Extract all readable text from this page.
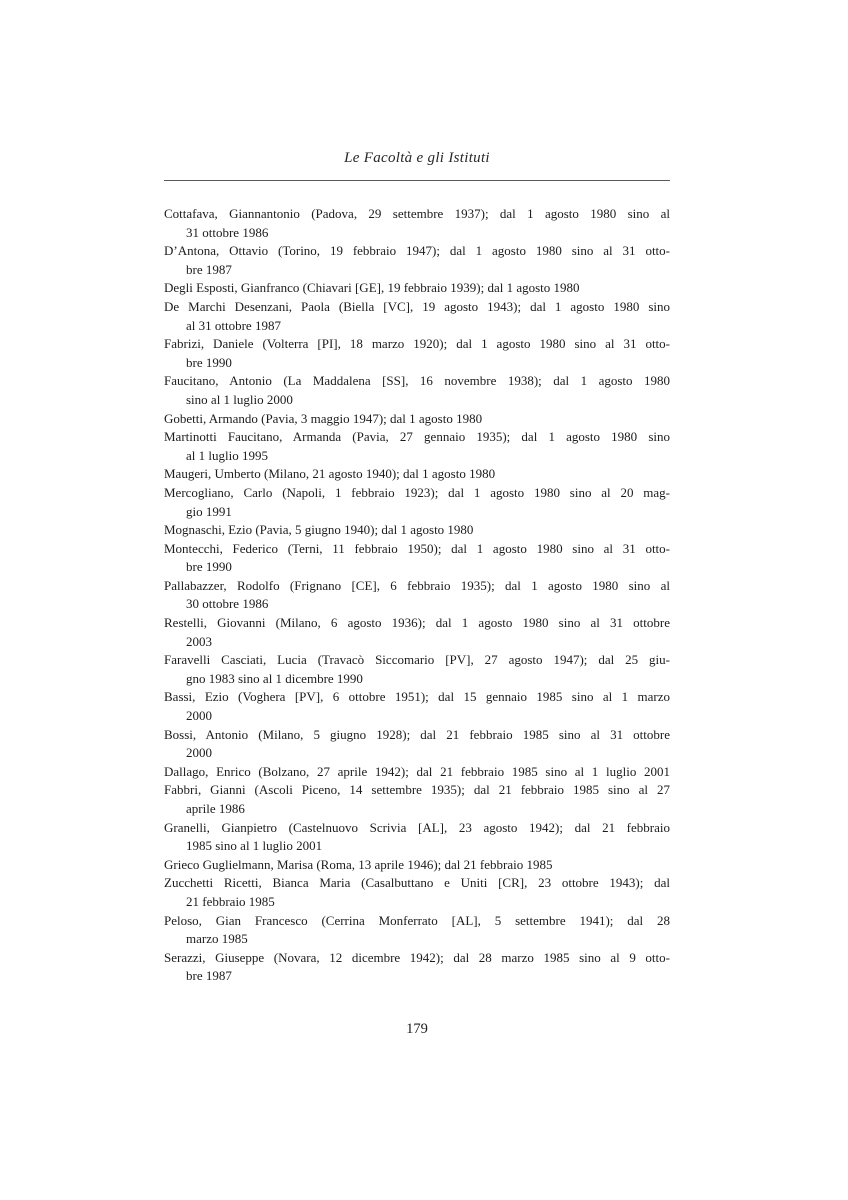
Le Facoltà e gli Istituti
Cottafava, Giannantonio (Padova, 29 settembre 1937); dal 1 agosto 1980 sino al
31 ottobre 1986
D’Antona, Ottavio (Torino, 19 febbraio 1947); dal 1 agosto 1980 sino al 31 otto-
bre 1987
Degli Esposti, Gianfranco (Chiavari [GE], 19 febbraio 1939); dal 1 agosto 1980
De Marchi Desenzani, Paola (Biella [VC], 19 agosto 1943); dal 1 agosto 1980 sino
al 31 ottobre 1987
Fabrizi, Daniele (Volterra [PI], 18 marzo 1920); dal 1 agosto 1980 sino al 31 otto-
bre 1990
Faucitano, Antonio (La Maddalena [SS], 16 novembre 1938); dal 1 agosto 1980
sino al 1 luglio 2000
Gobetti, Armando (Pavia, 3 maggio 1947); dal 1 agosto 1980
Martinotti Faucitano, Armanda (Pavia, 27 gennaio 1935); dal 1 agosto 1980 sino
al 1 luglio 1995
Maugeri, Umberto (Milano, 21 agosto 1940); dal 1 agosto 1980
Mercogliano, Carlo (Napoli, 1 febbraio 1923); dal 1 agosto 1980 sino al 20 mag-
gio 1991
Mognaschi, Ezio (Pavia, 5 giugno 1940); dal 1 agosto 1980
Montecchi, Federico (Terni, 11 febbraio 1950); dal 1 agosto 1980 sino al 31 otto-
bre 1990
Pallabazzer, Rodolfo (Frignano [CE], 6 febbraio 1935); dal 1 agosto 1980 sino al
30 ottobre 1986
Restelli, Giovanni (Milano, 6 agosto 1936); dal 1 agosto 1980 sino al 31 ottobre
2003
Faravelli Casciati, Lucia (Travacò Siccomario [PV], 27 agosto 1947); dal 25 giu-
gno 1983 sino al 1 dicembre 1990
Bassi, Ezio (Voghera [PV], 6 ottobre 1951); dal 15 gennaio 1985 sino al 1 marzo
2000
Bossi, Antonio (Milano, 5 giugno 1928); dal 21 febbraio 1985 sino al 31 ottobre
2000
Dallago, Enrico (Bolzano, 27 aprile 1942); dal 21 febbraio 1985 sino al 1 luglio 2001
Fabbri, Gianni (Ascoli Piceno, 14 settembre 1935); dal 21 febbraio 1985 sino al 27
aprile 1986
Granelli, Gianpietro (Castelnuovo Scrivia [AL], 23 agosto 1942); dal 21 febbraio
1985 sino al 1 luglio 2001
Grieco Guglielmann, Marisa (Roma, 13 aprile 1946); dal 21 febbraio 1985
Zucchetti Ricetti, Bianca Maria (Casalbuttano e Uniti [CR], 23 ottobre 1943); dal
21 febbraio 1985
Peloso, Gian Francesco (Cerrina Monferrato [AL], 5 settembre 1941); dal 28
marzo 1985
Serazzi, Giuseppe (Novara, 12 dicembre 1942); dal 28 marzo 1985 sino al 9 otto-
bre 1987
179
